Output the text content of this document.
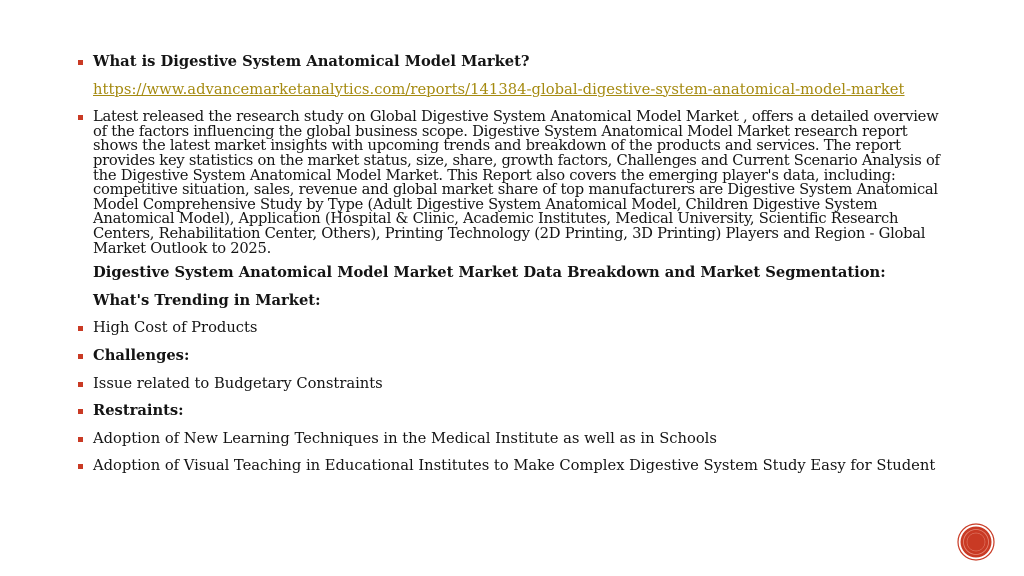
What is Digestive System Anatomical Model Market?

https://www.advancemarketanalytics.com/reports/141384-global-digestive-system-anatomical-model-market

Latest released the research study on Global Digestive System Anatomical Model Market , offers a detailed overview of the factors influencing the global business scope. Digestive System Anatomical Model Market research report shows the latest market insights with upcoming trends and breakdown of the products and services. The report provides key statistics on the market status, size, share, growth factors, Challenges and Current Scenario Analysis of the Digestive System Anatomical Model Market. This Report also covers the emerging player's data, including: competitive situation, sales, revenue and global market share of top manufacturers are Digestive System Anatomical Model Comprehensive Study by Type (Adult Digestive System Anatomical Model, Children Digestive System Anatomical Model), Application (Hospital & Clinic, Academic Institutes, Medical University, Scientific Research Centers, Rehabilitation Center, Others), Printing Technology (2D Printing, 3D Printing) Players and Region - Global Market Outlook to 2025.

Digestive System Anatomical Model Market Market Data Breakdown and Market Segmentation:

What's Trending in Market:

High Cost of Products

Challenges:

Issue related to Budgetary Constraints

Restraints:

Adoption of New Learning Techniques in the Medical Institute as well as in Schools

Adoption of Visual Teaching in Educational Institutes to Make Complex Digestive System Study Easy for Student
